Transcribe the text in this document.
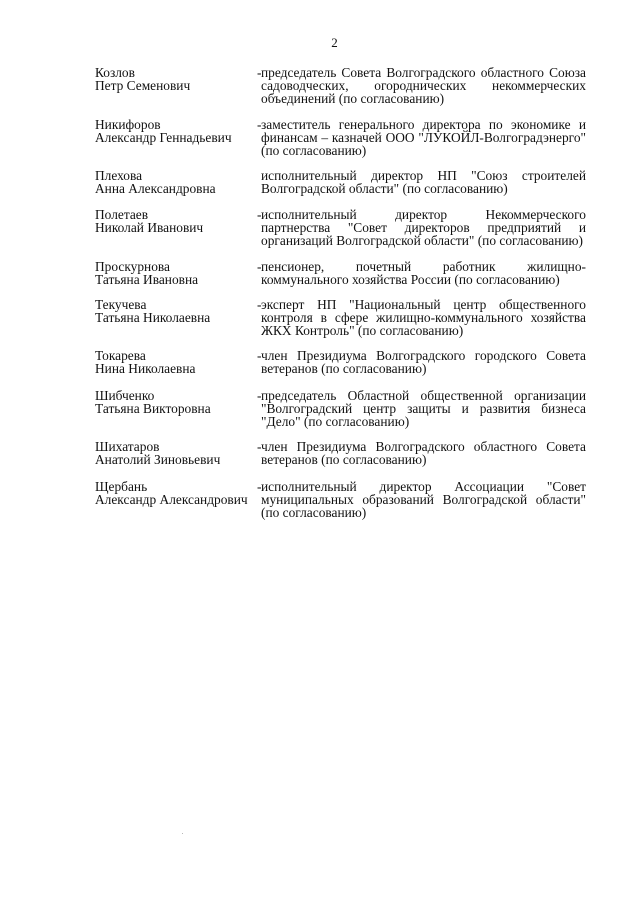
2
Козлов
Петр Семенович
- председатель Совета Волгоградского областного Союза садоводческих, огороднических некоммерческих объединений (по согласованию)
Никифоров
Александр Геннадьевич
- заместитель генерального директора по экономике и финансам – казначей ООО "ЛУКОЙЛ-Волгоградэнерго" (по согласованию)
Плехова
Анна Александровна
исполнительный директор НП "Союз строителей Волгоградской области" (по согласованию)
Полетаев
Николай Иванович
- исполнительный директор Некоммерческого партнерства "Совет директоров предприятий и организаций Волгоградской области" (по согласованию)
Проскурнова
Татьяна Ивановна
- пенсионер, почетный работник жилищно-коммунального хозяйства России (по согласованию)
Текучева
Татьяна Николаевна
- эксперт НП "Национальный центр общественного контроля в сфере жилищно-коммунального хозяйства ЖКХ Контроль" (по согласованию)
Токарева
Нина Николаевна
- член Президиума Волгоградского городского Совета ветеранов (по согласованию)
Шибченко
Татьяна Викторовна
- председатель Областной общественной организации "Волгоградский центр защиты и развития бизнеса "Дело" (по согласованию)
Шихатаров
Анатолий Зиновьевич
- член Президиума Волгоградского областного Совета ветеранов (по согласованию)
Щербань
Александр Александрович
- исполнительный директор Ассоциации "Совет муниципальных образований Волгоградской области" (по согласованию)
